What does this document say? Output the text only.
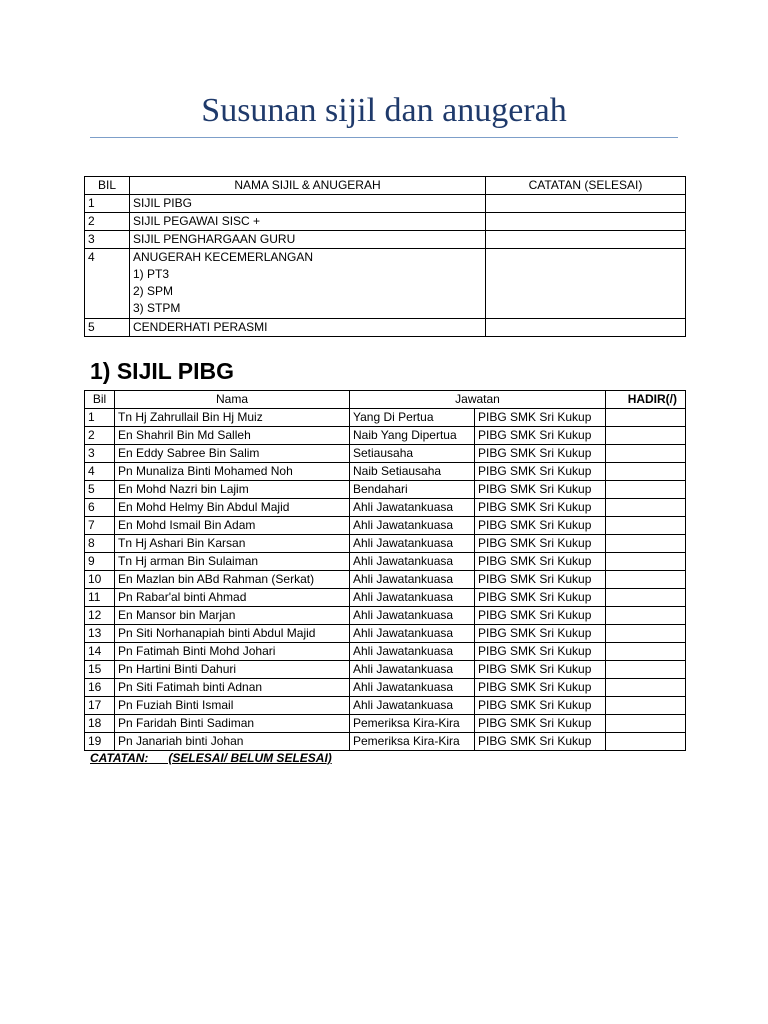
Susunan sijil dan anugerah
BIL	NAMA SIJIL & ANUGERAH	CATATAN (SELESAI)
1	SIJIL PIBG	
2	SIJIL PEGAWAI SISC +	
3	SIJIL PENGHARGAAN GURU	
4	ANUGERAH KECEMERLANGAN
1) PT3
2) SPM
3) STPM	

5	CENDERHATI PERASMI	
1) SIJIL PIBG
Bil	Nama	Jawatan		HADIR(/)
1	Tn Hj Zahrullail Bin Hj Muiz	Yang Di Pertua	PIBG SMK Sri Kukup	
2	En Shahril Bin Md Salleh	Naib Yang Dipertua	PIBG SMK Sri Kukup	
3	En Eddy Sabree Bin Salim	Setiausaha	PIBG SMK Sri Kukup	
4	Pn Munaliza Binti Mohamed Noh	Naib Setiausaha	PIBG SMK Sri Kukup	
5	En Mohd Nazri bin Lajim	Bendahari	PIBG SMK Sri Kukup	
6	En Mohd Helmy Bin Abdul Majid	Ahli Jawatankuasa	PIBG SMK Sri Kukup	
7	En Mohd Ismail Bin Adam	Ahli Jawatankuasa	PIBG SMK Sri Kukup	
8	Tn Hj Ashari Bin Karsan	Ahli Jawatankuasa	PIBG SMK Sri Kukup	
9	Tn Hj arman Bin Sulaiman	Ahli Jawatankuasa	PIBG SMK Sri Kukup	
10	En Mazlan bin ABd Rahman (Serkat)	Ahli Jawatankuasa	PIBG SMK Sri Kukup	
11	Pn Rabar'al binti Ahmad	Ahli Jawatankuasa	PIBG SMK Sri Kukup	
12	En Mansor bin Marjan	Ahli Jawatankuasa	PIBG SMK Sri Kukup	
13	Pn Siti Norhanapiah binti Abdul Majid	Ahli Jawatankuasa	PIBG SMK Sri Kukup	
14	Pn Fatimah Binti Mohd Johari	Ahli Jawatankuasa	PIBG SMK Sri Kukup	
15	Pn Hartini Binti Dahuri	Ahli Jawatankuasa	PIBG SMK Sri Kukup	
16	Pn Siti Fatimah binti Adnan	Ahli Jawatankuasa	PIBG SMK Sri Kukup	
17	Pn Fuziah Binti Ismail	Ahli Jawatankuasa	PIBG SMK Sri Kukup	
18	Pn Faridah Binti Sadiman	Pemeriksa Kira-Kira	PIBG SMK Sri Kukup	
19	Pn Janariah binti Johan	Pemeriksa Kira-Kira	PIBG SMK Sri Kukup	
CATATAN:      (SELESAI/ BELUM SELESAI)
